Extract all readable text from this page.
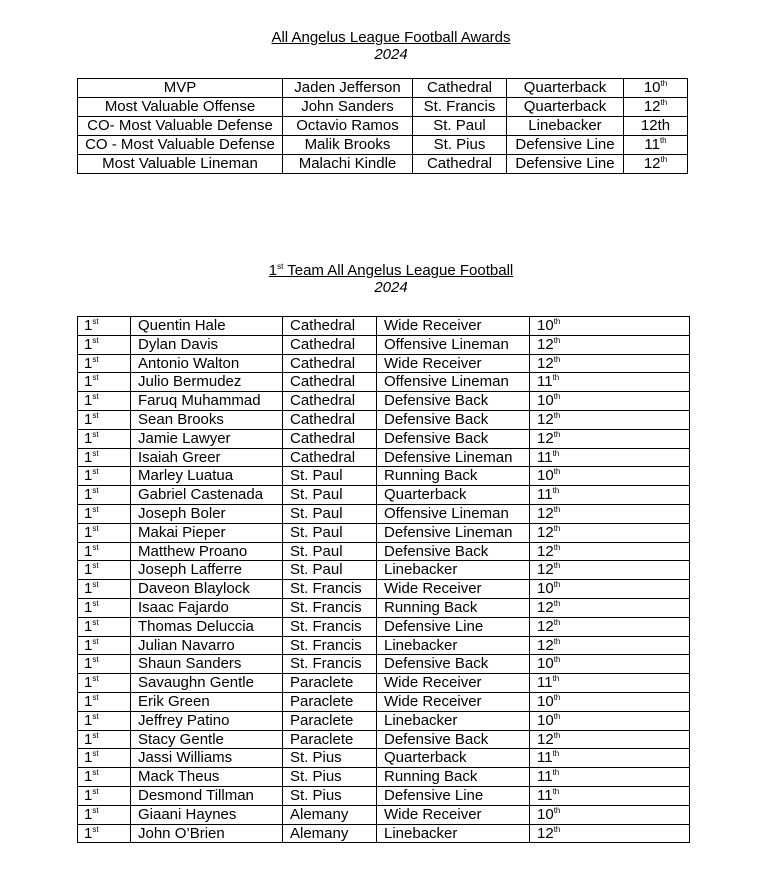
All Angelus League Football Awards

2024
MVP	Jaden Jefferson	Cathedral	Quarterback	10th
Most Valuable Offense	John Sanders	St. Francis	Quarterback	12th
CO- Most Valuable Defense	Octavio Ramos	St. Paul	Linebacker	12th
CO - Most Valuable Defense	Malik Brooks	St. Pius	Defensive Line	11th
Most Valuable Lineman	Malachi Kindle	Cathedral	Defensive Line	12th
1st Team All Angelus League Football

2024
1st	Quentin Hale	Cathedral	Wide Receiver	10th
1st	Dylan Davis	Cathedral	Offensive Lineman	12th
1st	Antonio Walton	Cathedral	Wide Receiver	12th
1st	Julio Bermudez	Cathedral	Offensive Lineman	11th
1st	Faruq Muhammad	Cathedral	Defensive Back	10th
1st	Sean Brooks	Cathedral	Defensive Back	12th
1st	Jamie Lawyer	Cathedral	Defensive Back	12th
1st	Isaiah Greer	Cathedral	Defensive Lineman	11th
1st	Marley Luatua	St. Paul	Running Back	10th
1st	Gabriel Castenada	St. Paul	Quarterback	11th
1st	Joseph Boler	St. Paul	Offensive Lineman	12th
1st	Makai Pieper	St. Paul	Defensive Lineman	12th
1st	Matthew Proano	St. Paul	Defensive Back	12th
1st	Joseph Lafferre	St. Paul	Linebacker	12th
1st	Daveon Blaylock	St. Francis	Wide Receiver	10th
1st	Isaac Fajardo	St. Francis	Running Back	12th
1st	Thomas Deluccia	St. Francis	Defensive Line	12th
1st	Julian Navarro	St. Francis	Linebacker	12th
1st	Shaun Sanders	St. Francis	Defensive Back	10th
1st	Savaughn Gentle	Paraclete	Wide Receiver	11th
1st	Erik Green	Paraclete	Wide Receiver	10th
1st	Jeffrey Patino	Paraclete	Linebacker	10th
1st	Stacy Gentle	Paraclete	Defensive Back	12th
1st	Jassi Williams	St. Pius	Quarterback	11th
1st	Mack Theus	St. Pius	Running Back	11th
1st	Desmond Tillman	St. Pius	Defensive Line	11th
1st	Giaani Haynes	Alemany	Wide Receiver	10th
1st	John O’Brien	Alemany	Linebacker	12th
